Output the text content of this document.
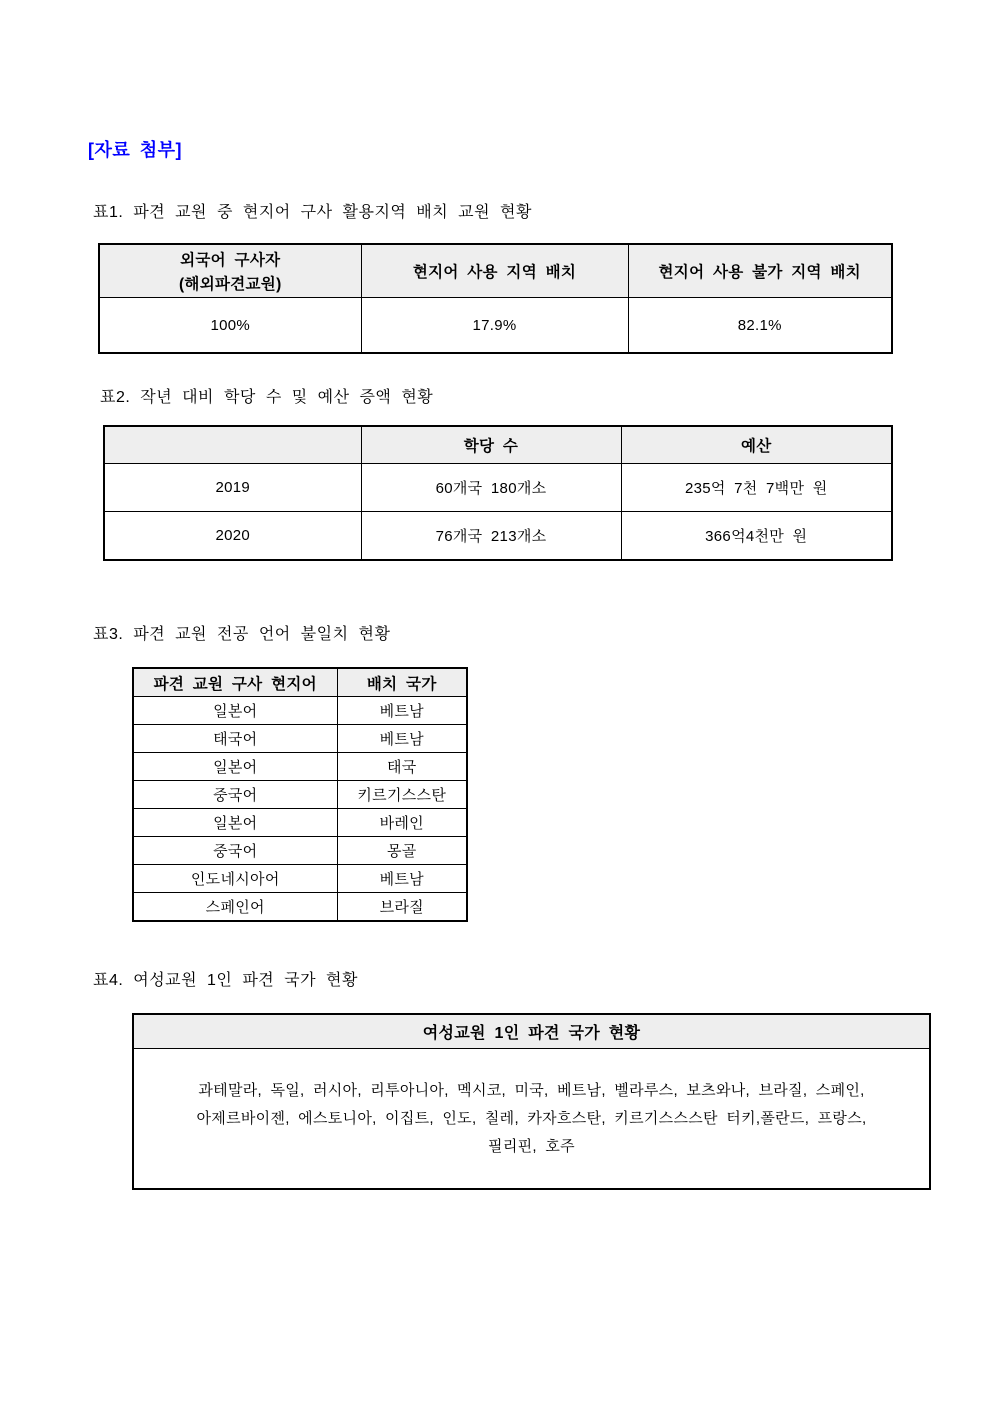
[자료 첨부]
표1. 파견 교원 중 현지어 구사 활용지역 배치 교원 현황
외국어 구사자
(해외파견교원)	현지어 사용 지역 배치	현지어 사용 불가 지역 배치
100%	17.9%	82.1%
표2. 작년 대비 학당 수 및 예산 증액 현황
	학당 수	예산
2019	60개국 180개소	235억 7천 7백만 원
2020	76개국 213개소	366억4천만 원
표3. 파견 교원 전공 언어 불일치 현황
파견 교원 구사 현지어	배치 국가
일본어	베트남
태국어	베트남
일본어	태국
중국어	키르기스스탄
일본어	바레인
중국어	몽골
인도네시아어	베트남
스페인어	브라질
표4. 여성교원 1인 파견 국가 현황
여성교원 1인 파견 국가 현황

과테말라, 독일, 러시아, 리투아니아, 멕시코, 미국, 베트남, 벨라루스, 보츠와나, 브라질, 스페인,
아제르바이젠, 에스토니아, 이집트, 인도, 칠레, 카자흐스탄, 키르기스스스탄 터키,폴란드, 프랑스,
필리핀, 호주
